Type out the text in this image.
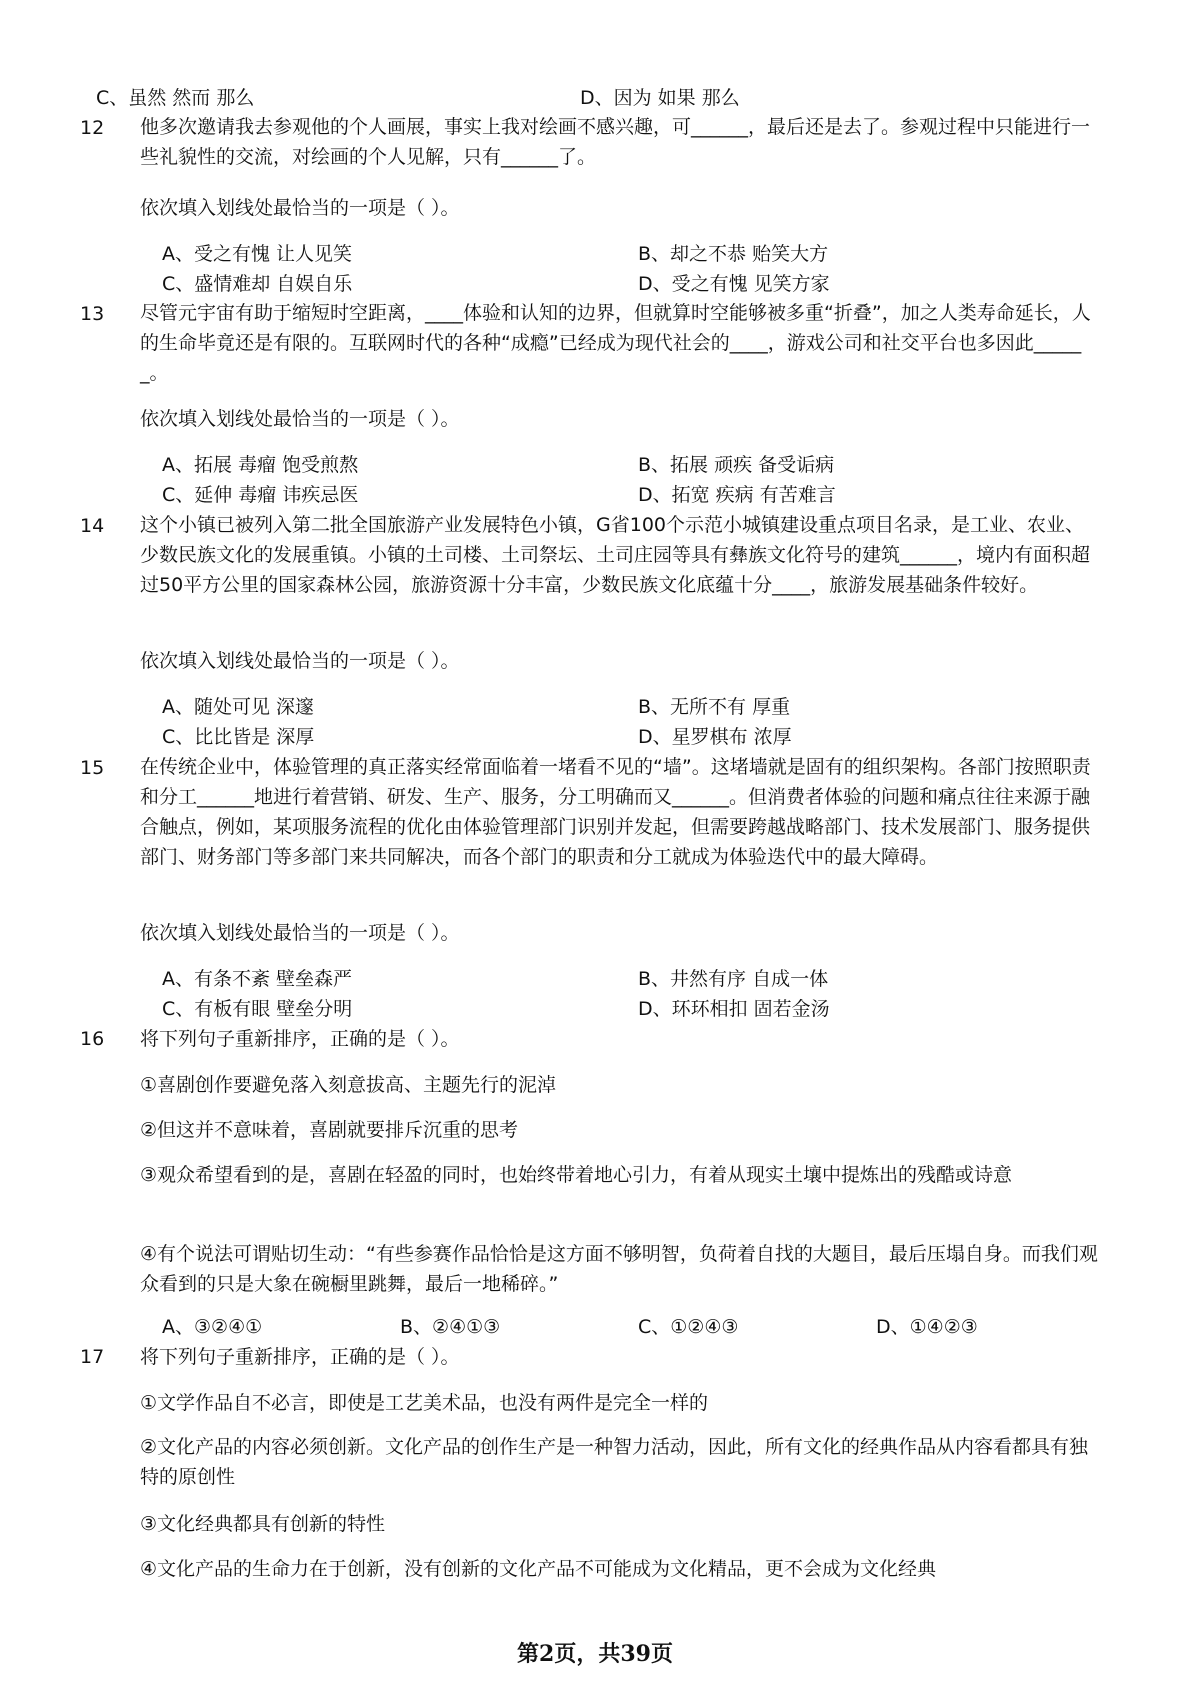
C、虽然 然而 那么	D、因为 如果 那么
12 他多次邀请我去参观他的个人画展，事实上我对绘画不感兴趣，可______，最后还是去了。参观过程中只能进行一些礼貌性的交流，对绘画的个人见解，只有______了。
依次填入划线处最恰当的一项是（ ）。
A、受之有愧 让人见笑	B、却之不恭 贻笑大方
C、盛情难却 自娱自乐	D、受之有愧 见笑方家
13 尽管元宇宙有助于缩短时空距离，____体验和认知的边界，但就算时空能够被多重“折叠”，加之人类寿命延长，人的生命毕竟还是有限的。互联网时代的各种“成瘾”已经成为现代社会的____，游戏公司和社交平台也多因此______。
依次填入划线处最恰当的一项是（ ）。
A、拓展 毒瘤 饱受煎熬	B、拓展 顽疾 备受诟病
C、延伸 毒瘤 讳疾忌医	D、拓宽 疾病 有苦难言
14 这个小镇已被列入第二批全国旅游产业发展特色小镇，G省100个示范小城镇建设重点项目名录，是工业、农业、少数民族文化的发展重镇。小镇的土司楼、土司祭坛、土司庄园等具有彝族文化符号的建筑______，境内有面积超过50平方公里的国家森林公园，旅游资源十分丰富，少数民族文化底蕴十分____，旅游发展基础条件较好。
依次填入划线处最恰当的一项是（ ）。
A、随处可见 深邃	B、无所不有 厚重
C、比比皆是 深厚	D、星罗棋布 浓厚
15 在传统企业中，体验管理的真正落实经常面临着一堵看不见的“墙”。这堵墙就是固有的组织架构。各部门按照职责和分工______地进行着营销、研发、生产、服务，分工明确而又______。但消费者体验的问题和痛点往往来源于融合触点，例如，某项服务流程的优化由体验管理部门识别并发起，但需要跨越战略部门、技术发展部门、服务提供部门、财务部门等多部门来共同解决，而各个部门的职责和分工就成为体验迭代中的最大障碍。
依次填入划线处最恰当的一项是（ ）。
A、有条不紊 壁垒森严	B、井然有序 自成一体
C、有板有眼 壁垒分明	D、环环相扣 固若金汤
16 将下列句子重新排序，正确的是（ ）。
①喜剧创作要避免落入刻意拔高、主题先行的泥淖
②但这并不意味着，喜剧就要排斥沉重的思考
③观众希望看到的是，喜剧在轻盈的同时，也始终带着地心引力，有着从现实土壤中提炼出的残酷或诗意
④有个说法可谓贴切生动：“有些参赛作品恰恰是这方面不够明智，负荷着自找的大题目，最后压塌自身。而我们观众看到的只是大象在碗橱里跳舞，最后一地稀碎。”
A、③②④①	B、②④①③	C、①②④③	D、①④②③
17 将下列句子重新排序，正确的是（ ）。
①文学作品自不必言，即使是工艺美术品，也没有两件是完全一样的
②文化产品的内容必须创新。文化产品的创作生产是一种智力活动，因此，所有文化的经典作品从内容看都具有独特的原创性
③文化经典都具有创新的特性
④文化产品的生命力在于创新，没有创新的文化产品不可能成为文化精品，更不会成为文化经典
第2页，共39页
